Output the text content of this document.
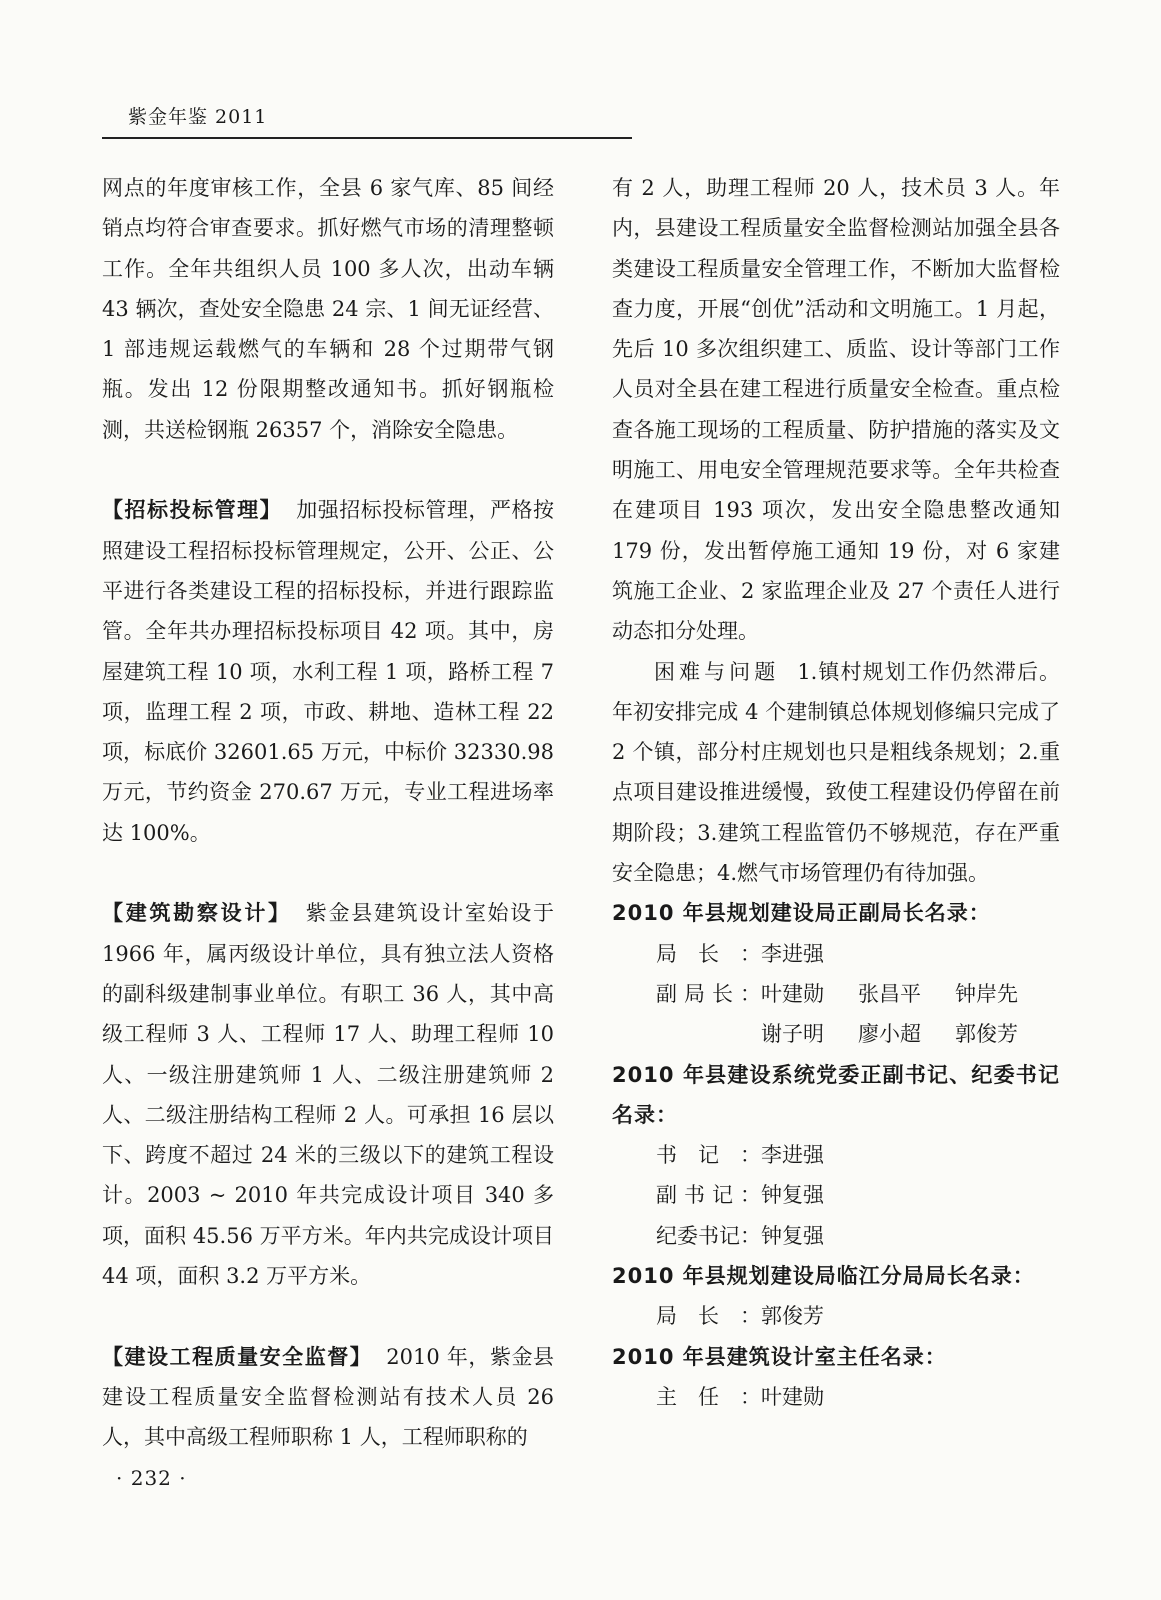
紫金年鉴 2011

网点的年度审核工作，全县 6 家气库、85 间经销点均符合审查要求。抓好燃气市场的清理整顿工作。全年共组织人员 100 多人次，出动车辆 43 辆次，查处安全隐患 24 宗、1 间无证经营、1 部违规运载燃气的车辆和 28 个过期带气钢瓶。发出 12 份限期整改通知书。抓好钢瓶检测，共送检钢瓶 26357 个，消除安全隐患。

【招标投标管理】 加强招标投标管理，严格按照建设工程招标投标管理规定，公开、公正、公平进行各类建设工程的招标投标，并进行跟踪监管。全年共办理招标投标项目 42 项。其中，房屋建筑工程 10 项，水利工程 1 项，路桥工程 7 项，监理工程 2 项，市政、耕地、造林工程 22 项，标底价 32601.65 万元，中标价 32330.98 万元，节约资金 270.67 万元，专业工程进场率达 100%。

【建筑勘察设计】 紫金县建筑设计室始设于 1966 年，属丙级设计单位，具有独立法人资格的副科级建制事业单位。有职工 36 人，其中高级工程师 3 人、工程师 17 人、助理工程师 10 人、一级注册建筑师 1 人、二级注册建筑师 2 人、二级注册结构工程师 2 人。可承担 16 层以下、跨度不超过 24 米的三级以下的建筑工程设计。2003 ~ 2010 年共完成设计项目 340 多项，面积 45.56 万平方米。年内共完成设计项目 44 项，面积 3.2 万平方米。

【建设工程质量安全监督】 2010 年，紫金县建设工程质量安全监督检测站有技术人员 26 人，其中高级工程师职称 1 人，工程师职称的

有 2 人，助理工程师 20 人，技术员 3 人。年内，县建设工程质量安全监督检测站加强全县各类建设工程质量安全管理工作，不断加大监督检查力度，开展“创优”活动和文明施工。1 月起，先后 10 多次组织建工、质监、设计等部门工作人员对全县在建工程进行质量安全检查。重点检查各施工现场的工程质量、防护措施的落实及文明施工、用电安全管理规范要求等。全年共检查在建项目 193 项次，发出安全隐患整改通知 179 份，发出暂停施工通知 19 份，对 6 家建筑施工企业、2 家监理企业及 27 个责任人进行动态扣分处理。

困难与问题 1.镇村规划工作仍然滞后。年初安排完成 4 个建制镇总体规划修编只完成了 2 个镇，部分村庄规划也只是粗线条规划；2.重点项目建设推进缓慢，致使工程建设仍停留在前期阶段；3.建筑工程监管仍不够规范，存在严重安全隐患；4.燃气市场管理仍有待加强。

2010 年县规划建设局正副局长名录：

局长： 李进强
副局长： 叶建勋 张昌平 钟岸先
谢子明 廖小超 郭俊芳

2010 年县建设系统党委正副书记、纪委书记名录：

书记： 李进强
副书记： 钟复强
纪委书记： 钟复强

2010 年县规划建设局临江分局局长名录：

局长： 郭俊芳

2010 年县建筑设计室主任名录：

主任： 叶建勋
· 232 ·
